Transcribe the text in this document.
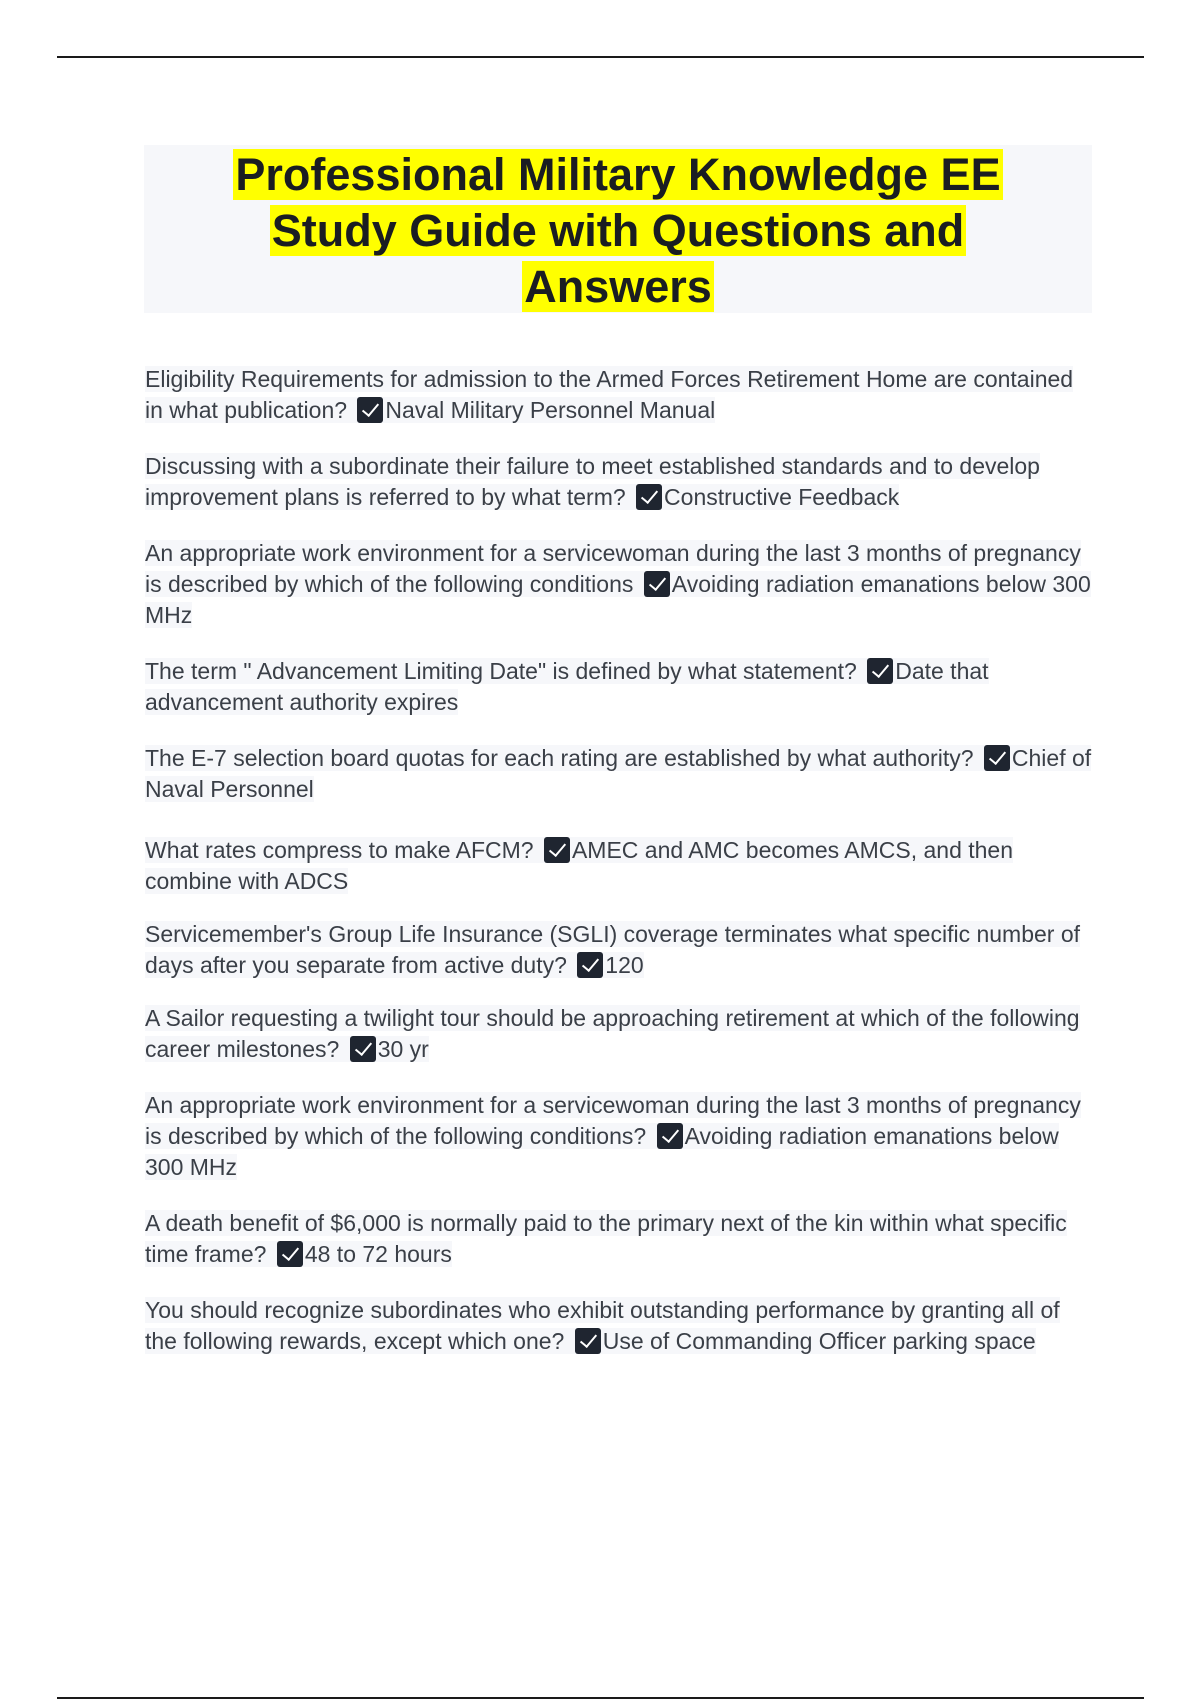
Professional Military Knowledge EE
Study Guide with Questions and
Answers

Eligibility Requirements for admission to the Armed Forces Retirement Home are contained in what publication? Naval Military Personnel Manual

Discussing with a subordinate their failure to meet established standards and to develop improvement plans is referred to by what term? Constructive Feedback

An appropriate work environment for a servicewoman during the last 3 months of pregnancy is described by which of the following conditions Avoiding radiation emanations below 300 MHz

The term " Advancement Limiting Date" is defined by what statement? Date that advancement authority expires

The E-7 selection board quotas for each rating are established by what authority? Chief of Naval Personnel

What rates compress to make AFCM? AMEC and AMC becomes AMCS, and then combine with ADCS

Servicemember's Group Life Insurance (SGLI) coverage terminates what specific number of days after you separate from active duty? 120

A Sailor requesting a twilight tour should be approaching retirement at which of the following career milestones? 30 yr

An appropriate work environment for a servicewoman during the last 3 months of pregnancy is described by which of the following conditions? Avoiding radiation emanations below 300 MHz

A death benefit of $6,000 is normally paid to the primary next of the kin within what specific time frame? 48 to 72 hours

You should recognize subordinates who exhibit outstanding performance by granting all of the following rewards, except which one? Use of Commanding Officer parking space
